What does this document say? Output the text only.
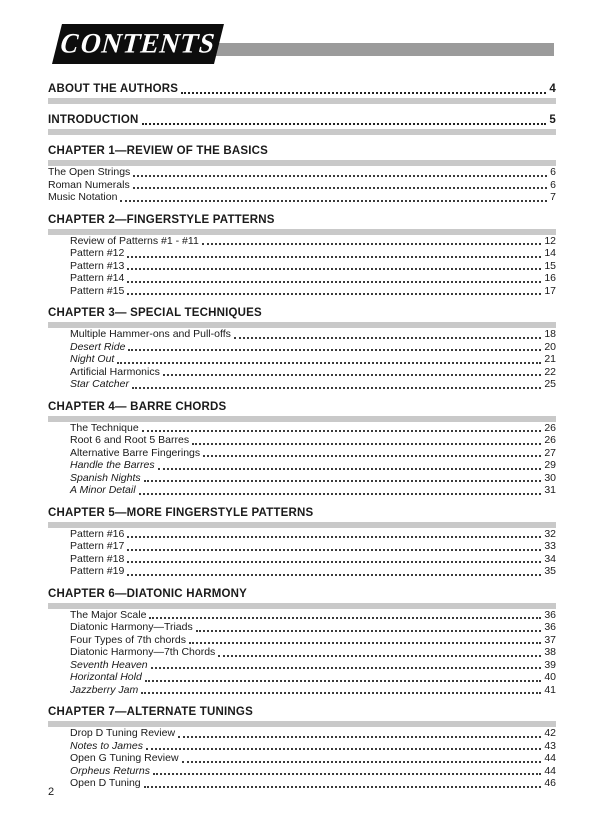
CONTENTS
ABOUT THE AUTHORS	4
INTRODUCTION	5
CHAPTER 1—REVIEW OF THE BASICS
The Open Strings	6
Roman Numerals	6
Music Notation	7
CHAPTER 2—FINGERSTYLE PATTERNS
Review of Patterns #1 - #11	12
Pattern #12	14
Pattern #13	15
Pattern #14	16
Pattern #15	17
CHAPTER 3— SPECIAL TECHNIQUES
Multiple Hammer-ons and Pull-offs	18
Desert Ride	20
Night Out	21
Artificial Harmonics	22
Star Catcher	25
CHAPTER 4— BARRE CHORDS
The Technique	26
Root 6 and Root 5 Barres	26
Alternative Barre Fingerings	27
Handle the Barres	29
Spanish Nights	30
A Minor Detail	31
CHAPTER 5—MORE FINGERSTYLE PATTERNS
Pattern #16	32
Pattern #17	33
Pattern #18	34
Pattern #19	35
CHAPTER 6—DIATONIC HARMONY
The Major Scale	36
Diatonic Harmony—Triads	36
Four Types of 7th chords	37
Diatonic Harmony—7th Chords	38
Seventh Heaven	39
Horizontal Hold	40
Jazzberry Jam	41
CHAPTER 7—ALTERNATE TUNINGS
Drop D Tuning Review	42
Notes to James	43
Open G Tuning Review	44
Orpheus Returns	44
Open D Tuning	46
2
